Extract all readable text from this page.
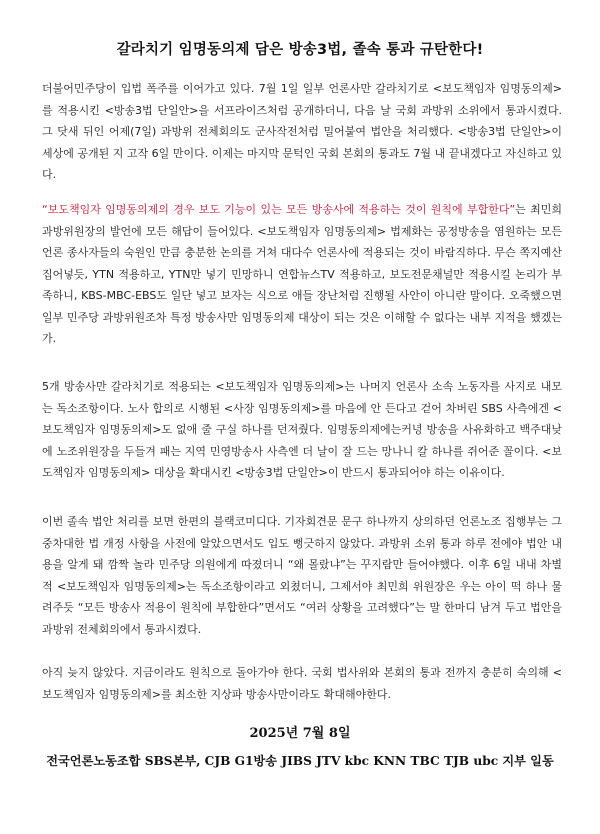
갈라치기 임명동의제 담은 방송3법, 졸속 통과 규탄한다!

더불어민주당이 입법 폭주를 이어가고 있다. 7월 1일 일부 언론사만 갈라치기로 <보도책임자 임명동의제>를 적용시킨 <방송3법 단일안>을 서프라이즈처럼 공개하더니, 다음 날 국회 과방위 소위에서 통과시켰다. 그 닷새 뒤인 어제(7일) 과방위 전체회의도 군사작전처럼 밀어붙여 법안을 처리했다. <방송3법 단일안>이 세상에 공개된 지 고작 6일 만이다. 이제는 마지막 문턱인 국회 본회의 통과도 7월 내 끝내겠다고 자신하고 있다.

“보도책임자 임명동의제의 경우 보도 기능이 있는 모든 방송사에 적용하는 것이 원칙에 부합한다”는 최민희 과방위원장의 발언에 모든 해답이 들어있다. <보도책임자 임명동의제> 법제화는 공정방송을 염원하는 모든 언론 종사자들의 숙원인 만큼 충분한 논의를 거쳐 대다수 언론사에 적용되는 것이 바람직하다. 무슨 쪽지예산 집어넣듯, YTN 적용하고, YTN만 넣기 민망하니 연합뉴스TV 적용하고, 보도전문채널만 적용시킬 논리가 부족하니, KBS-MBC-EBS도 일단 넣고 보자는 식으로 애들 장난처럼 진행될 사안이 아니란 말이다. 오죽했으면 일부 민주당 과방위원조차 특정 방송사만 임명동의제 대상이 되는 것은 이해할 수 없다는 내부 지적을 했겠는가.

5개 방송사만 갈라치기로 적용되는 <보도책임자 임명동의제>는 나머지 언론사 소속 노동자를 사지로 내모는 독소조항이다. 노사 합의로 시행된 <사장 임명동의제>를 마음에 안 든다고 걷어 차버린 SBS 사측에겐 <보도책임자 임명동의제>도 없애 줄 구실 하나를 던져줬다. 임명동의제에는커녕 방송을 사유화하고 백주대낮에 노조위원장을 두들겨 패는 지역 민영방송사 사측엔 더 날이 잘 드는 망나니 칼 하나를 쥐어준 꼴이다. <보도책임자 임명동의제> 대상을 확대시킨 <방송3법 단일안>이 반드시 통과되어야 하는 이유이다.

이번 졸속 법안 처리를 보면 한편의 블랙코미디다. 기자회견문 문구 하나까지 상의하던 언론노조 집행부는 그 중차대한 법 개정 사항을 사전에 알았으면서도 입도 뻥긋하지 않았다. 과방위 소위 통과 하루 전에야 법안 내용을 알게 돼 깜짝 놀라 민주당 의원에게 따졌더니 “왜 몰랐냐”는 꾸지람만 들어야했다. 이후 6일 내내 차별적 <보도책임자 임명동의제>는 독소조항이라고 외쳤더니, 그제서야 최민희 위원장은 우는 아이 떡 하나 물려주듯 “모든 방송사 적용이 원칙에 부합한다”면서도 “여러 상황을 고려했다”는 말 한마디 남겨 두고 법안을 과방위 전체회의에서 통과시켰다.

아직 늦지 않았다. 지금이라도 원칙으로 돌아가야 한다. 국회 법사위와 본회의 통과 전까지 충분히 숙의해 <보도책임자 임명동의제>를 최소한 지상파 방송사만이라도 확대해야한다.

2025년 7월 8일
전국언론노동조합 SBS본부, CJB G1방송 JIBS JTV kbc KNN TBC TJB ubc 지부 일동
